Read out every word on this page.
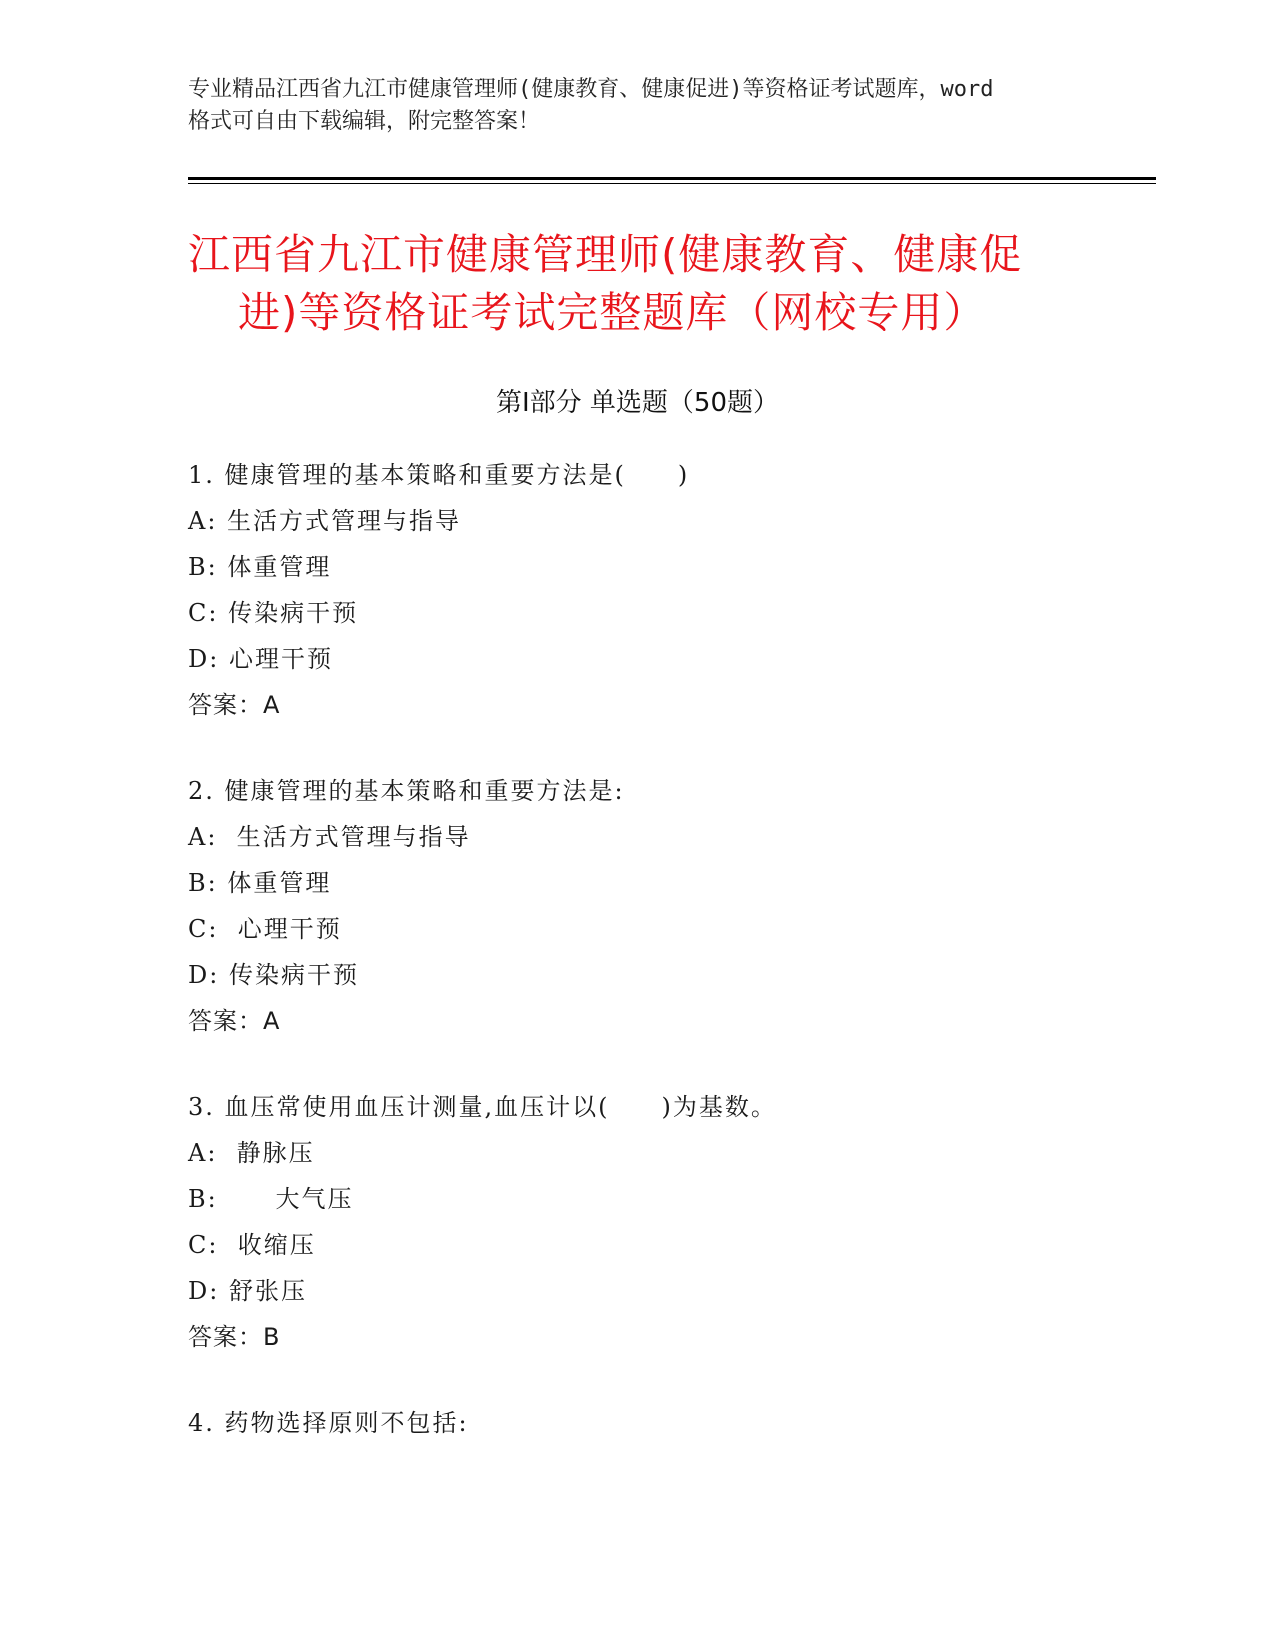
专业精品江西省九江市健康管理师(健康教育、健康促进)等资格证考试题库，word
格式可自由下载编辑，附完整答案！
江西省九江市健康管理师(健康教育、健康促
进)等资格证考试完整题库（网校专用）
第Ⅰ部分 单选题（50题）
1. 健康管理的基本策略和重要方法是(　　)
A: 生活方式管理与指导
B: 体重管理
C: 传染病干预
D: 心理干预
答案：A
2. 健康管理的基本策略和重要方法是:
A:  生活方式管理与指导
B: 体重管理
C:  心理干预
D: 传染病干预
答案：A
3. 血压常使用血压计测量,血压计以(　　)为基数。
A:  静脉压
B:      大气压
C:  收缩压
D: 舒张压
答案：B
4. 药物选择原则不包括:
